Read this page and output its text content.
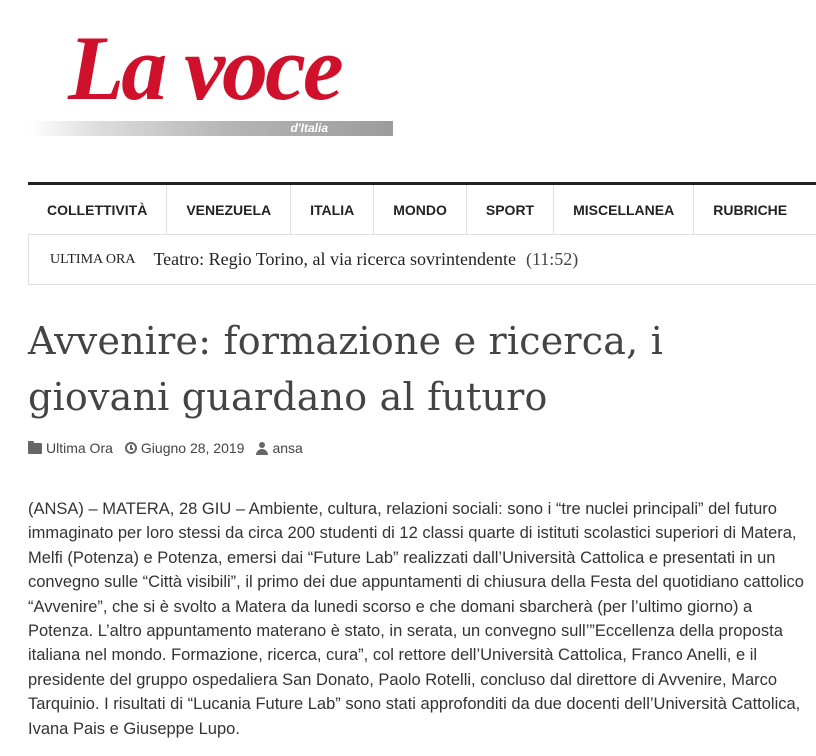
La voce
d'Italia
COLLETTIVITÀ	VENEZUELA	ITALIA	MONDO	SPORT	MISCELLANEA	RUBRICHE
ULTIMA ORA Teatro: Regio Torino, al via ricerca sovrintendente (11:52)
Avvenire: formazione e ricerca, i giovani guardano al futuro
Ultima Ora Giugno 28, 2019 ansa

(ANSA) – MATERA, 28 GIU – Ambiente, cultura, relazioni sociali: sono i “tre nuclei principali” del futuro immaginato per loro stessi da circa 200 studenti di 12 classi quarte di istituti scolastici superiori di Matera, Melfi (Potenza) e Potenza, emersi dai “Future Lab” realizzati dall’Università Cattolica e presentati in un convegno sulle “Città visibili”, il primo dei due appuntamenti di chiusura della Festa del quotidiano cattolico “Avvenire”, che si è svolto a Matera da lunedi scorso e che domani sbarcherà (per l’ultimo giorno) a Potenza. L’altro appuntamento materano è stato, in serata, un convegno sull’”Eccellenza della proposta italiana nel mondo. Formazione, ricerca, cura”, col rettore dell’Università Cattolica, Franco Anelli, e il presidente del gruppo ospedaliera San Donato, Paolo Rotelli, concluso dal direttore di Avvenire, Marco Tarquinio. I risultati di “Lucania Future Lab” sono stati approfonditi da due docenti dell’Università Cattolica, Ivana Pais e Giuseppe Lupo.
